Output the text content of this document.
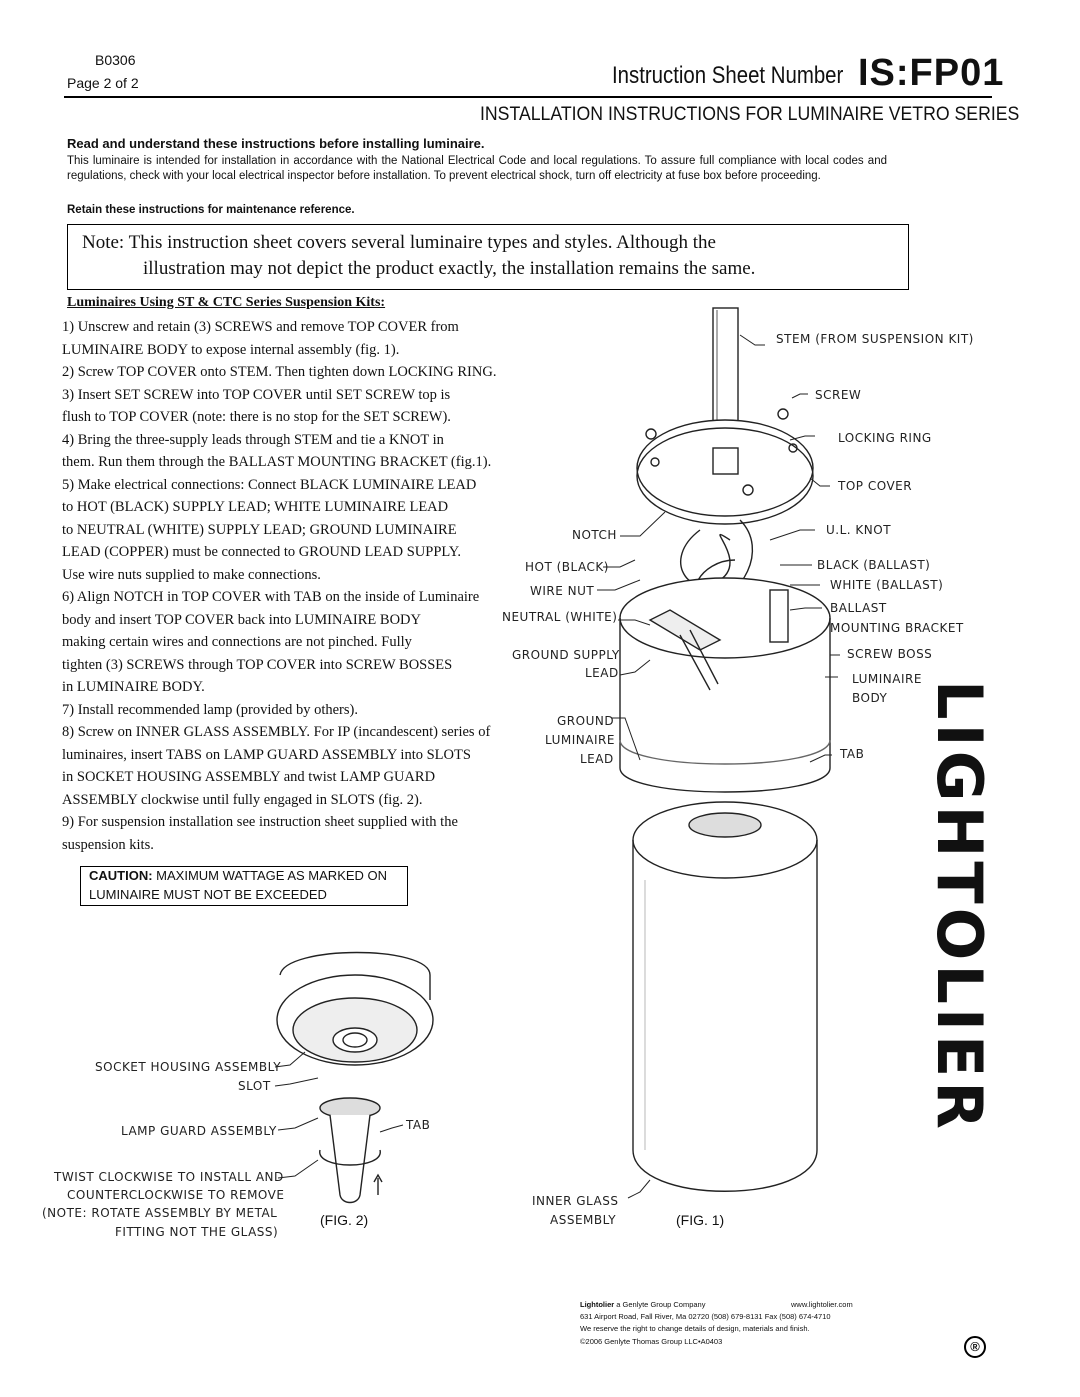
B0306
Page 2 of 2	Instruction Sheet Number IS:FP01
INSTALLATION INSTRUCTIONS FOR LUMINAIRE VETRO SERIES
Read and understand these instructions before installing luminaire.
This luminaire is intended for installation in accordance with the National Electrical Code and local regulations. To assure full compliance with local codes and regulations, check with your local electrical inspector before installation. To prevent electrical shock, turn off electricity at fuse box before proceeding.
Retain these instructions for maintenance reference.
Note: This instruction sheet covers several luminaire types and styles. Although the
illustration may not depict the product exactly, the installation remains the same.
Luminaires Using ST & CTC Series Suspension Kits:
1) Unscrew and retain (3) SCREWS and remove TOP COVER from
LUMINAIRE BODY to expose internal assembly (fig. 1).
2) Screw TOP COVER onto STEM. Then tighten down LOCKING RING.
3) Insert SET SCREW into TOP COVER until SET SCREW top is
flush to TOP COVER (note: there is no stop for the SET SCREW).
4) Bring the three-supply leads through STEM and tie a KNOT in
them. Run them through the BALLAST MOUNTING BRACKET (fig.1).
5) Make electrical connections: Connect BLACK LUMINAIRE LEAD
to HOT (BLACK) SUPPLY LEAD; WHITE LUMINAIRE LEAD
to NEUTRAL (WHITE) SUPPLY LEAD; GROUND LUMINAIRE
LEAD (COPPER) must be connected to GROUND LEAD SUPPLY.
Use wire nuts supplied to make connections.
6) Align NOTCH in TOP COVER with TAB on the inside of Luminaire
body and insert TOP COVER back into LUMINAIRE BODY
making certain wires and connections are not pinched. Fully
tighten (3) SCREWS through TOP COVER into SCREW BOSSES
in LUMINAIRE BODY.
7) Install recommended lamp (provided by others).
8) Screw on INNER GLASS ASSEMBLY. For IP (incandescent) series of
luminaires, insert TABS on LAMP GUARD ASSEMBLY into SLOTS
in SOCKET HOUSING ASSEMBLY and twist LAMP GUARD
ASSEMBLY clockwise until fully engaged in SLOTS (fig. 2).
9) For suspension installation see instruction sheet supplied with the
suspension kits.
CAUTION: MAXIMUM WATTAGE AS MARKED ON
LUMINAIRE MUST NOT BE EXCEEDED
STEM (FROM SUSPENSION KIT)
SCREW
LOCKING RING
TOP COVER
NOTCH	U.L. KNOT
HOT (BLACK)	BLACK (BALLAST)
WIRE NUT	WHITE (BALLAST)
NEUTRAL (WHITE)
BALLAST
MOUNTING BRACKET
GROUND SUPPLY
LEAD
SCREW BOSS
LUMINAIRE
BODY
GROUND
LUMINAIRE
LEAD	TAB
INNER GLASS
ASSEMBLY	(FIG. 1)
SOCKET HOUSING ASSEMBLY
SLOT
LAMP GUARD ASSEMBLY	TAB
TWIST CLOCKWISE TO INSTALL AND
COUNTERCLOCKWISE TO REMOVE
(NOTE: ROTATE ASSEMBLY BY METAL
FITTING NOT THE GLASS)
(FIG. 2)
LIGHTOLIER
®
Lightolier a Genlyte Group Company	www.lightolier.com
631 Airport Road, Fall River, Ma 02720 (508) 679-8131 Fax (508) 674-4710
We reserve the right to change details of design, materials and finish.
©2006 Genlyte Thomas Group LLC•A0403
